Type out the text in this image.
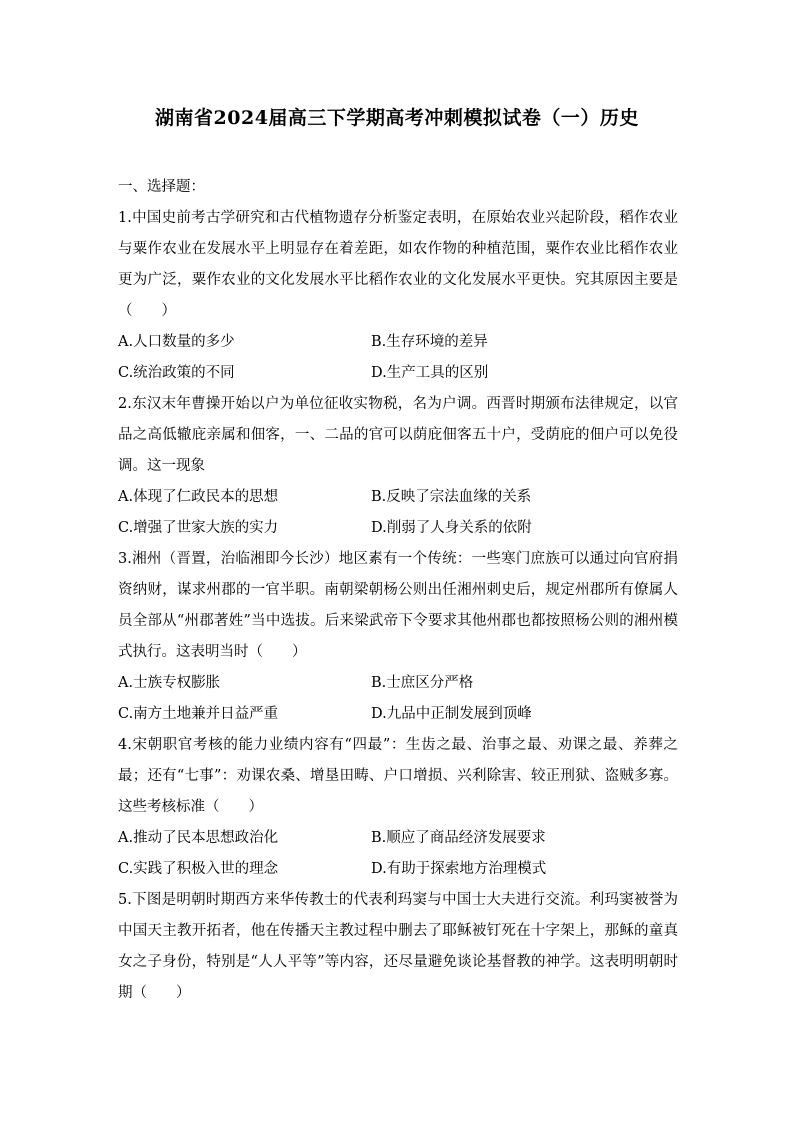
湖南省2024届高三下学期高考冲刺模拟试卷（一）历史

一、选择题：

1.中国史前考古学研究和古代植物遗存分析鉴定表明，在原始农业兴起阶段，稻作农业与粟作农业在发展水平上明显存在着差距，如农作物的种植范围，粟作农业比稻作农业更为广泛，粟作农业的文化发展水平比稻作农业的文化发展水平更快。究其原因主要是（　　）

A.人口数量的多少	B.生存环境的差异
C.统治政策的不同	D.生产工具的区别

2.东汉末年曹操开始以户为单位征收实物税，名为户调。西晋时期颁布法律规定，以官品之高低辙庇亲属和佃客，一、二品的官可以荫庇佃客五十户，受荫庇的佃户可以免役调。这一现象

A.体现了仁政民本的思想	B.反映了宗法血缘的关系
C.增强了世家大族的实力	D.削弱了人身关系的依附

3.湘州（晋置，治临湘即今长沙）地区素有一个传统：一些寒门庶族可以通过向官府捐资纳财，谋求州郡的一官半职。南朝梁朝杨公则出任湘州刺史后，规定州郡所有僚属人员全部从“州郡著姓”当中选拔。后来梁武帝下令要求其他州郡也都按照杨公则的湘州模式执行。这表明当时（　　）

A.士族专权膨胀	B.士庶区分严格
C.南方土地兼并日益严重	D.九品中正制发展到顶峰

4.宋朝职官考核的能力业绩内容有“四最”：生齿之最、治事之最、劝课之最、养葬之最；还有“七事”：劝课农桑、增垦田畴、户口增损、兴利除害、较正刑狱、盗贼多寡。这些考核标准（　　）

A.推动了民本思想政治化	B.顺应了商品经济发展要求
C.实践了积极入世的理念	D.有助于探索地方治理模式

5.下图是明朝时期西方来华传教士的代表利玛窦与中国士大夫进行交流。利玛窦被誉为中国天主教开拓者，他在传播天主教过程中删去了耶稣被钉死在十字架上，那稣的童真女之子身份，特别是“人人平等”等内容，还尽量避免谈论基督教的神学。这表明明朝时期（　　）
